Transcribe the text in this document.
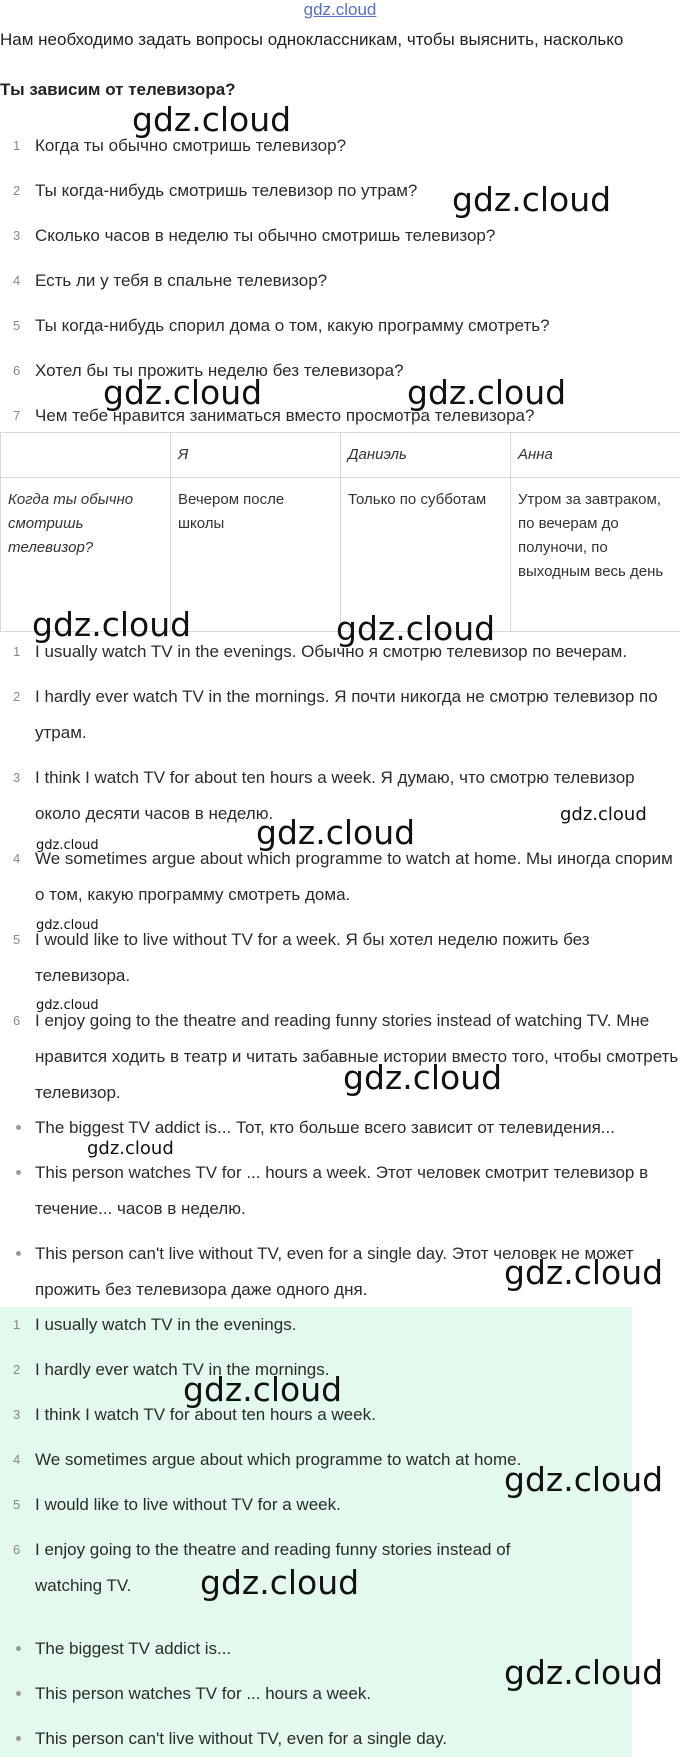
gdz.cloud
Нам необходимо задать вопросы одноклассникам, чтобы выяснить, насколько
Ты зависим от телевизора?
1 Когда ты обычно смотришь телевизор?
2 Ты когда-нибудь смотришь телевизор по утрам?
3 Сколько часов в неделю ты обычно смотришь телевизор?
4 Есть ли у тебя в спальне телевизор?
5 Ты когда-нибудь спорил дома о том, какую программу смотреть?
6 Хотел бы ты прожить неделю без телевизора?
7 Чем тебе нравится заниматься вместо просмотра телевизора?
	Я	Даниэль	Анна
Когда ты обычно смотришь телевизор?	Вечером после школы	Только по субботам	Утром за завтраком, по вечерам до полуночи, по выходным весь день
1 I usually watch TV in the evenings. Обычно я смотрю телевизор по вечерам.
2 I hardly ever watch TV in the mornings. Я почти никогда не смотрю телевизор по утрам.
3 I think I watch TV for about ten hours a week. Я думаю, что смотрю телевизор около десяти часов в неделю.
4 We sometimes argue about which programme to watch at home. Мы иногда спорим о том, какую программу смотреть дома.
5 I would like to live without TV for a week. Я бы хотел неделю пожить без телевизора.
6 I enjoy going to the theatre and reading funny stories instead of watching TV. Мне нравится ходить в театр и читать забавные истории вместо того, чтобы смотреть телевизор.
The biggest TV addict is... Тот, кто больше всего зависит от телевидения...
This person watches TV for ... hours a week. Этот человек смотрит телевизор в течение... часов в неделю.
This person can't live without TV, even for a single day. Этот человек не может прожить без телевизора даже одного дня.
1 I usually watch TV in the evenings.
2 I hardly ever watch TV in the mornings.
3 I think I watch TV for about ten hours a week.
4 We sometimes argue about which programme to watch at home.
5 I would like to live without TV for a week.
6 I enjoy going to the theatre and reading funny stories instead of watching TV.
The biggest TV addict is...
This person watches TV for ... hours a week.
This person can't live without TV, even for a single day.
gdz.cloud
gdz.cloud
gdz.cloud	gdz.cloud
gdz.cloud	gdz.cloud
gdz.cloud
gdz.cloud
gdz.cloud
gdz.cloud
gdz.cloud
gdz.cloud
gdz.cloud
gdz.cloud
gdz.cloud
gdz.cloud
gdz.cloud
gdz.cloud
